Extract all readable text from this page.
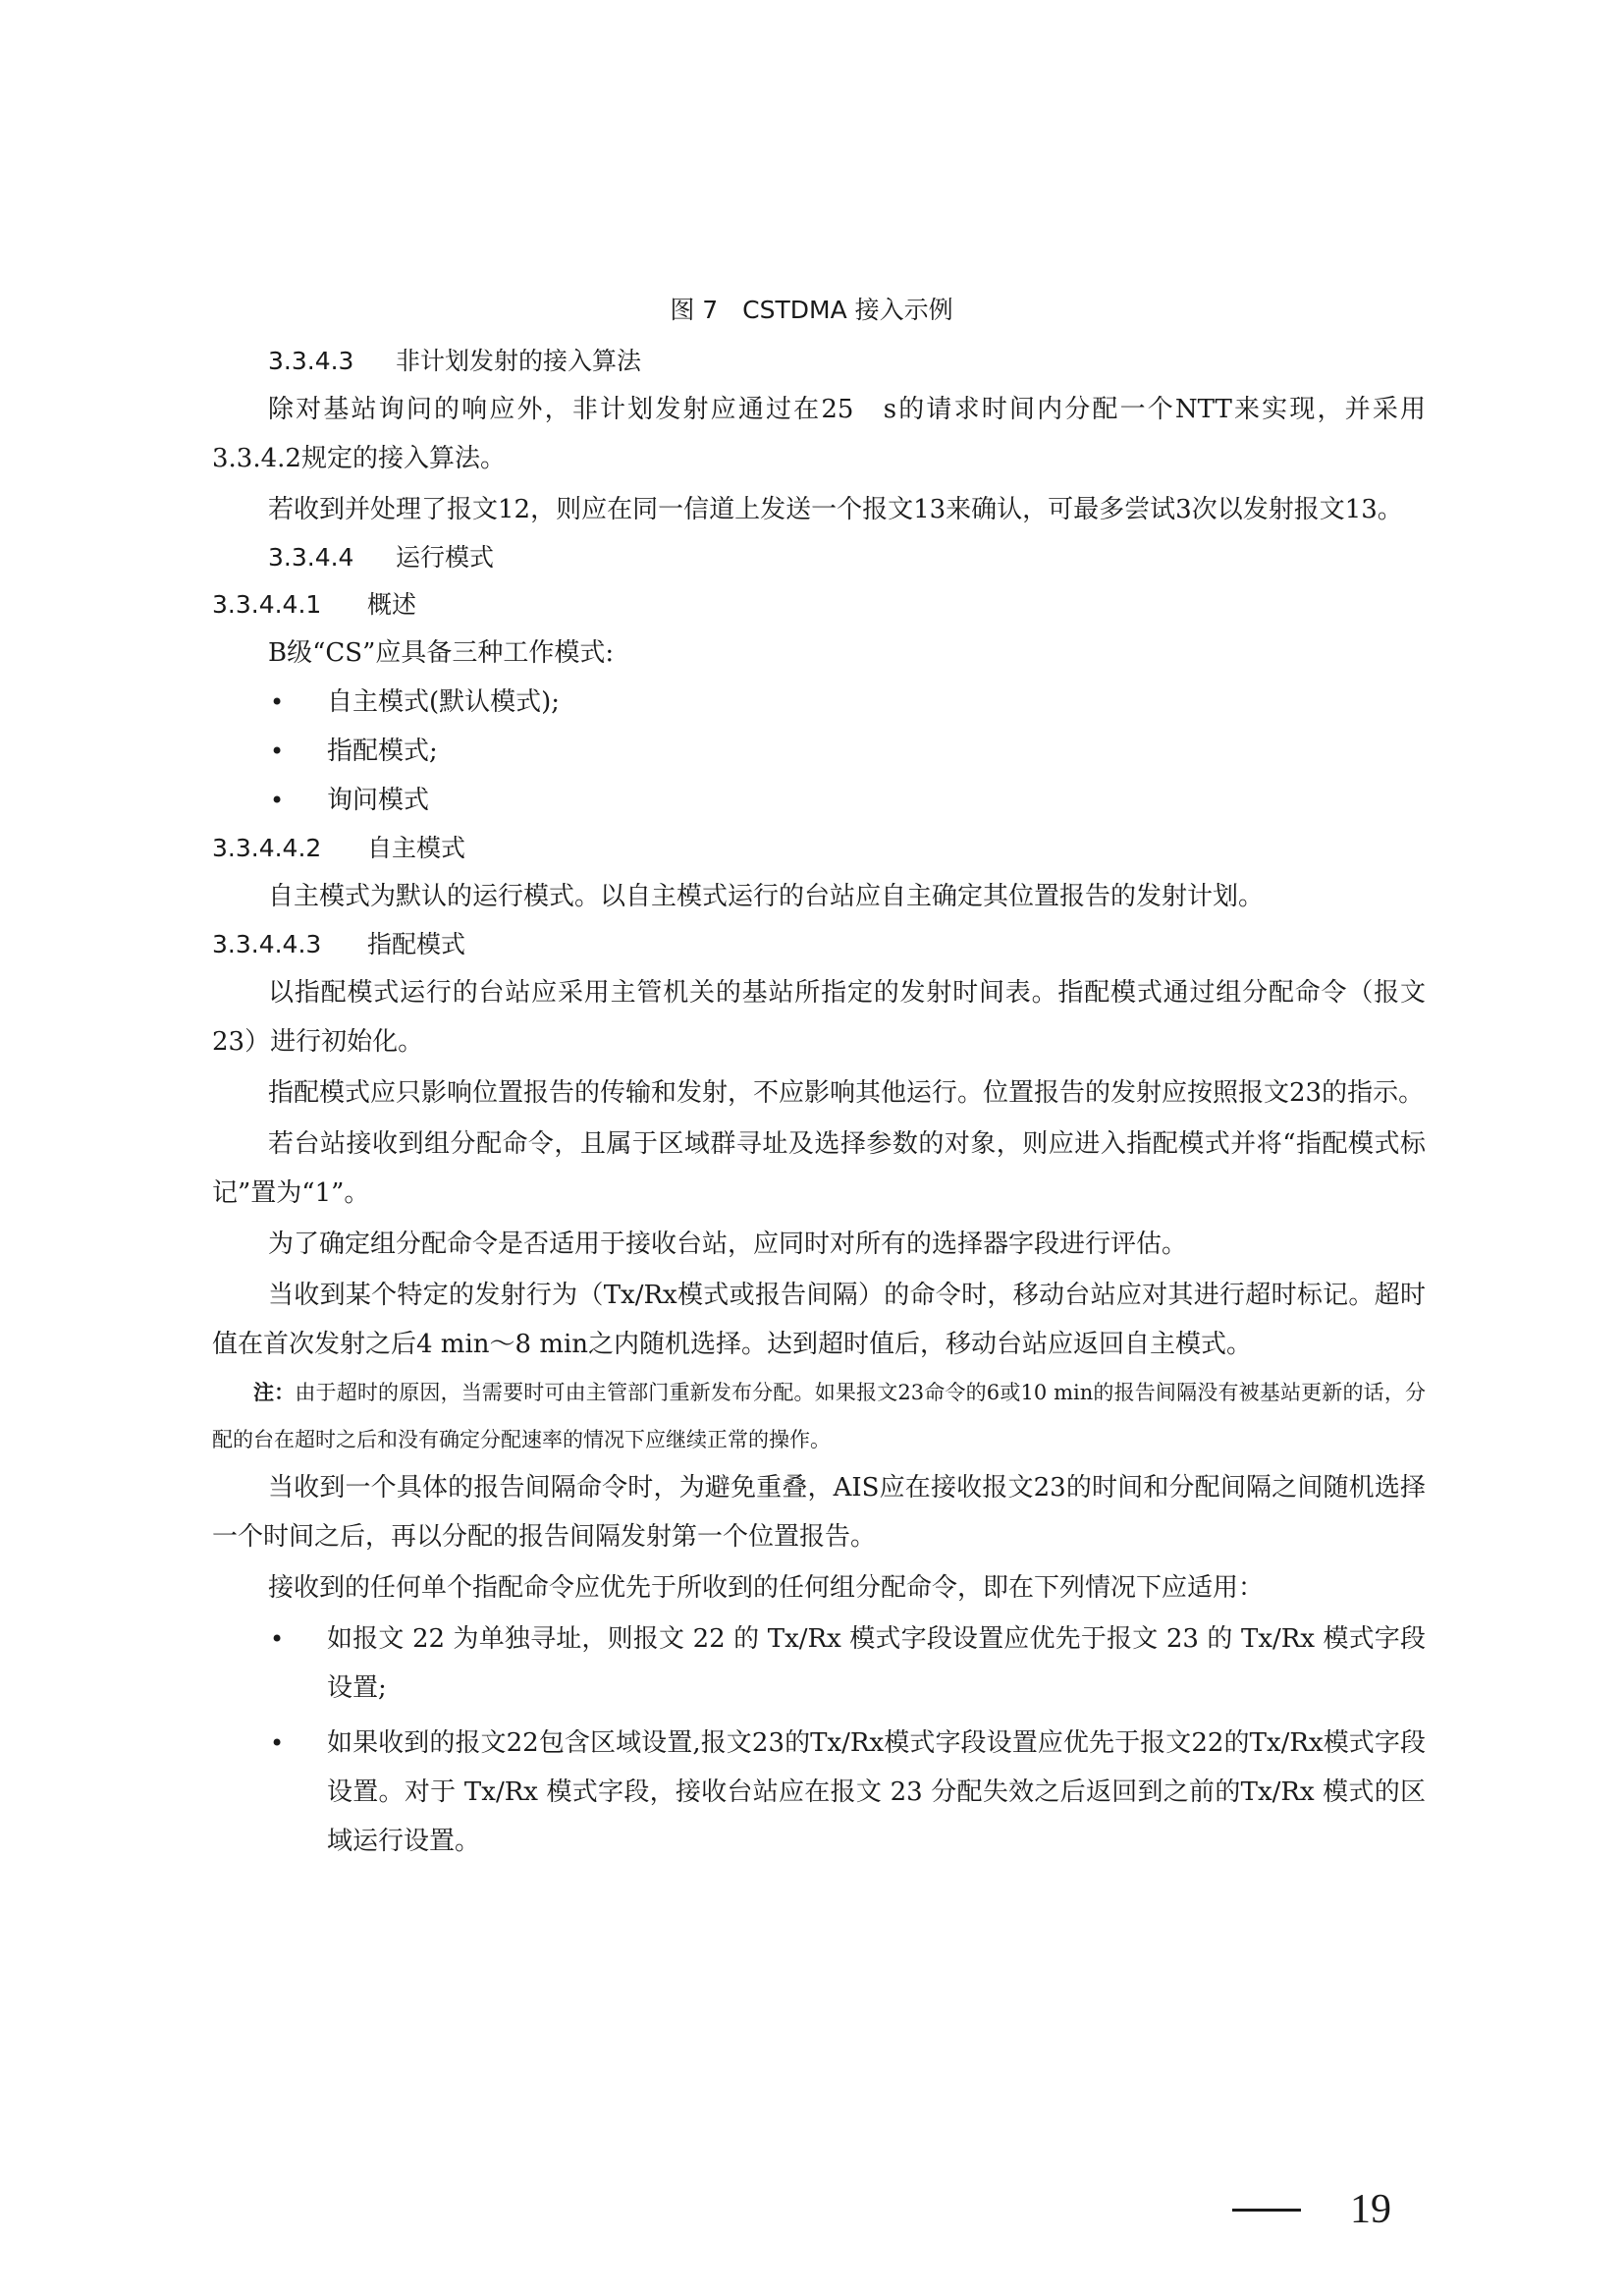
图 7　CSTDMA 接入示例
3.3.4.3 非计划发射的接入算法

除对基站询问的响应外，非计划发射应通过在25　s的请求时间内分配一个NTT来实现，并采用3.3.4.2规定的接入算法。

若收到并处理了报文12，则应在同一信道上发送一个报文13来确认，可最多尝试3次以发射报文13。

3.3.4.4 运行模式
3.3.4.4.1 概述

B级“CS”应具备三种工作模式:

• 自主模式(默认模式);
• 指配模式;
• 询问模式
3.3.4.4.2 自主模式

自主模式为默认的运行模式。以自主模式运行的台站应自主确定其位置报告的发射计划。

3.3.4.4.3 指配模式

以指配模式运行的台站应采用主管机关的基站所指定的发射时间表。指配模式通过组分配命令（报文23）进行初始化。

指配模式应只影响位置报告的传输和发射，不应影响其他运行。位置报告的发射应按照报文23的指示。

若台站接收到组分配命令，且属于区域群寻址及选择参数的对象，则应进入指配模式并将“指配模式标记”置为“1”。

为了确定组分配命令是否适用于接收台站，应同时对所有的选择器字段进行评估。

当收到某个特定的发射行为（Tx/Rx模式或报告间隔）的命令时，移动台站应对其进行超时标记。超时值在首次发射之后4 min～8 min之内随机选择。达到超时值后，移动台站应返回自主模式。

注：由于超时的原因，当需要时可由主管部门重新发布分配。如果报文23命令的6或10 min的报告间隔没有被基站更新的话，分配的台在超时之后和没有确定分配速率的情况下应继续正常的操作。

当收到一个具体的报告间隔命令时，为避免重叠，AIS应在接收报文23的时间和分配间隔之间随机选择一个时间之后，再以分配的报告间隔发射第一个位置报告。

接收到的任何单个指配命令应优先于所收到的任何组分配命令，即在下列情况下应适用：

• 如报文 22 为单独寻址，则报文 22 的 Tx/Rx 模式字段设置应优先于报文 23 的 Tx/Rx 模式字段设置;
• 如果收到的报文22包含区域设置,报文23的Tx/Rx模式字段设置应优先于报文22的Tx/Rx模式字段设置。对于 Tx/Rx 模式字段，接收台站应在报文 23 分配失效之后返回到之前的Tx/Rx 模式的区域运行设置。
19
